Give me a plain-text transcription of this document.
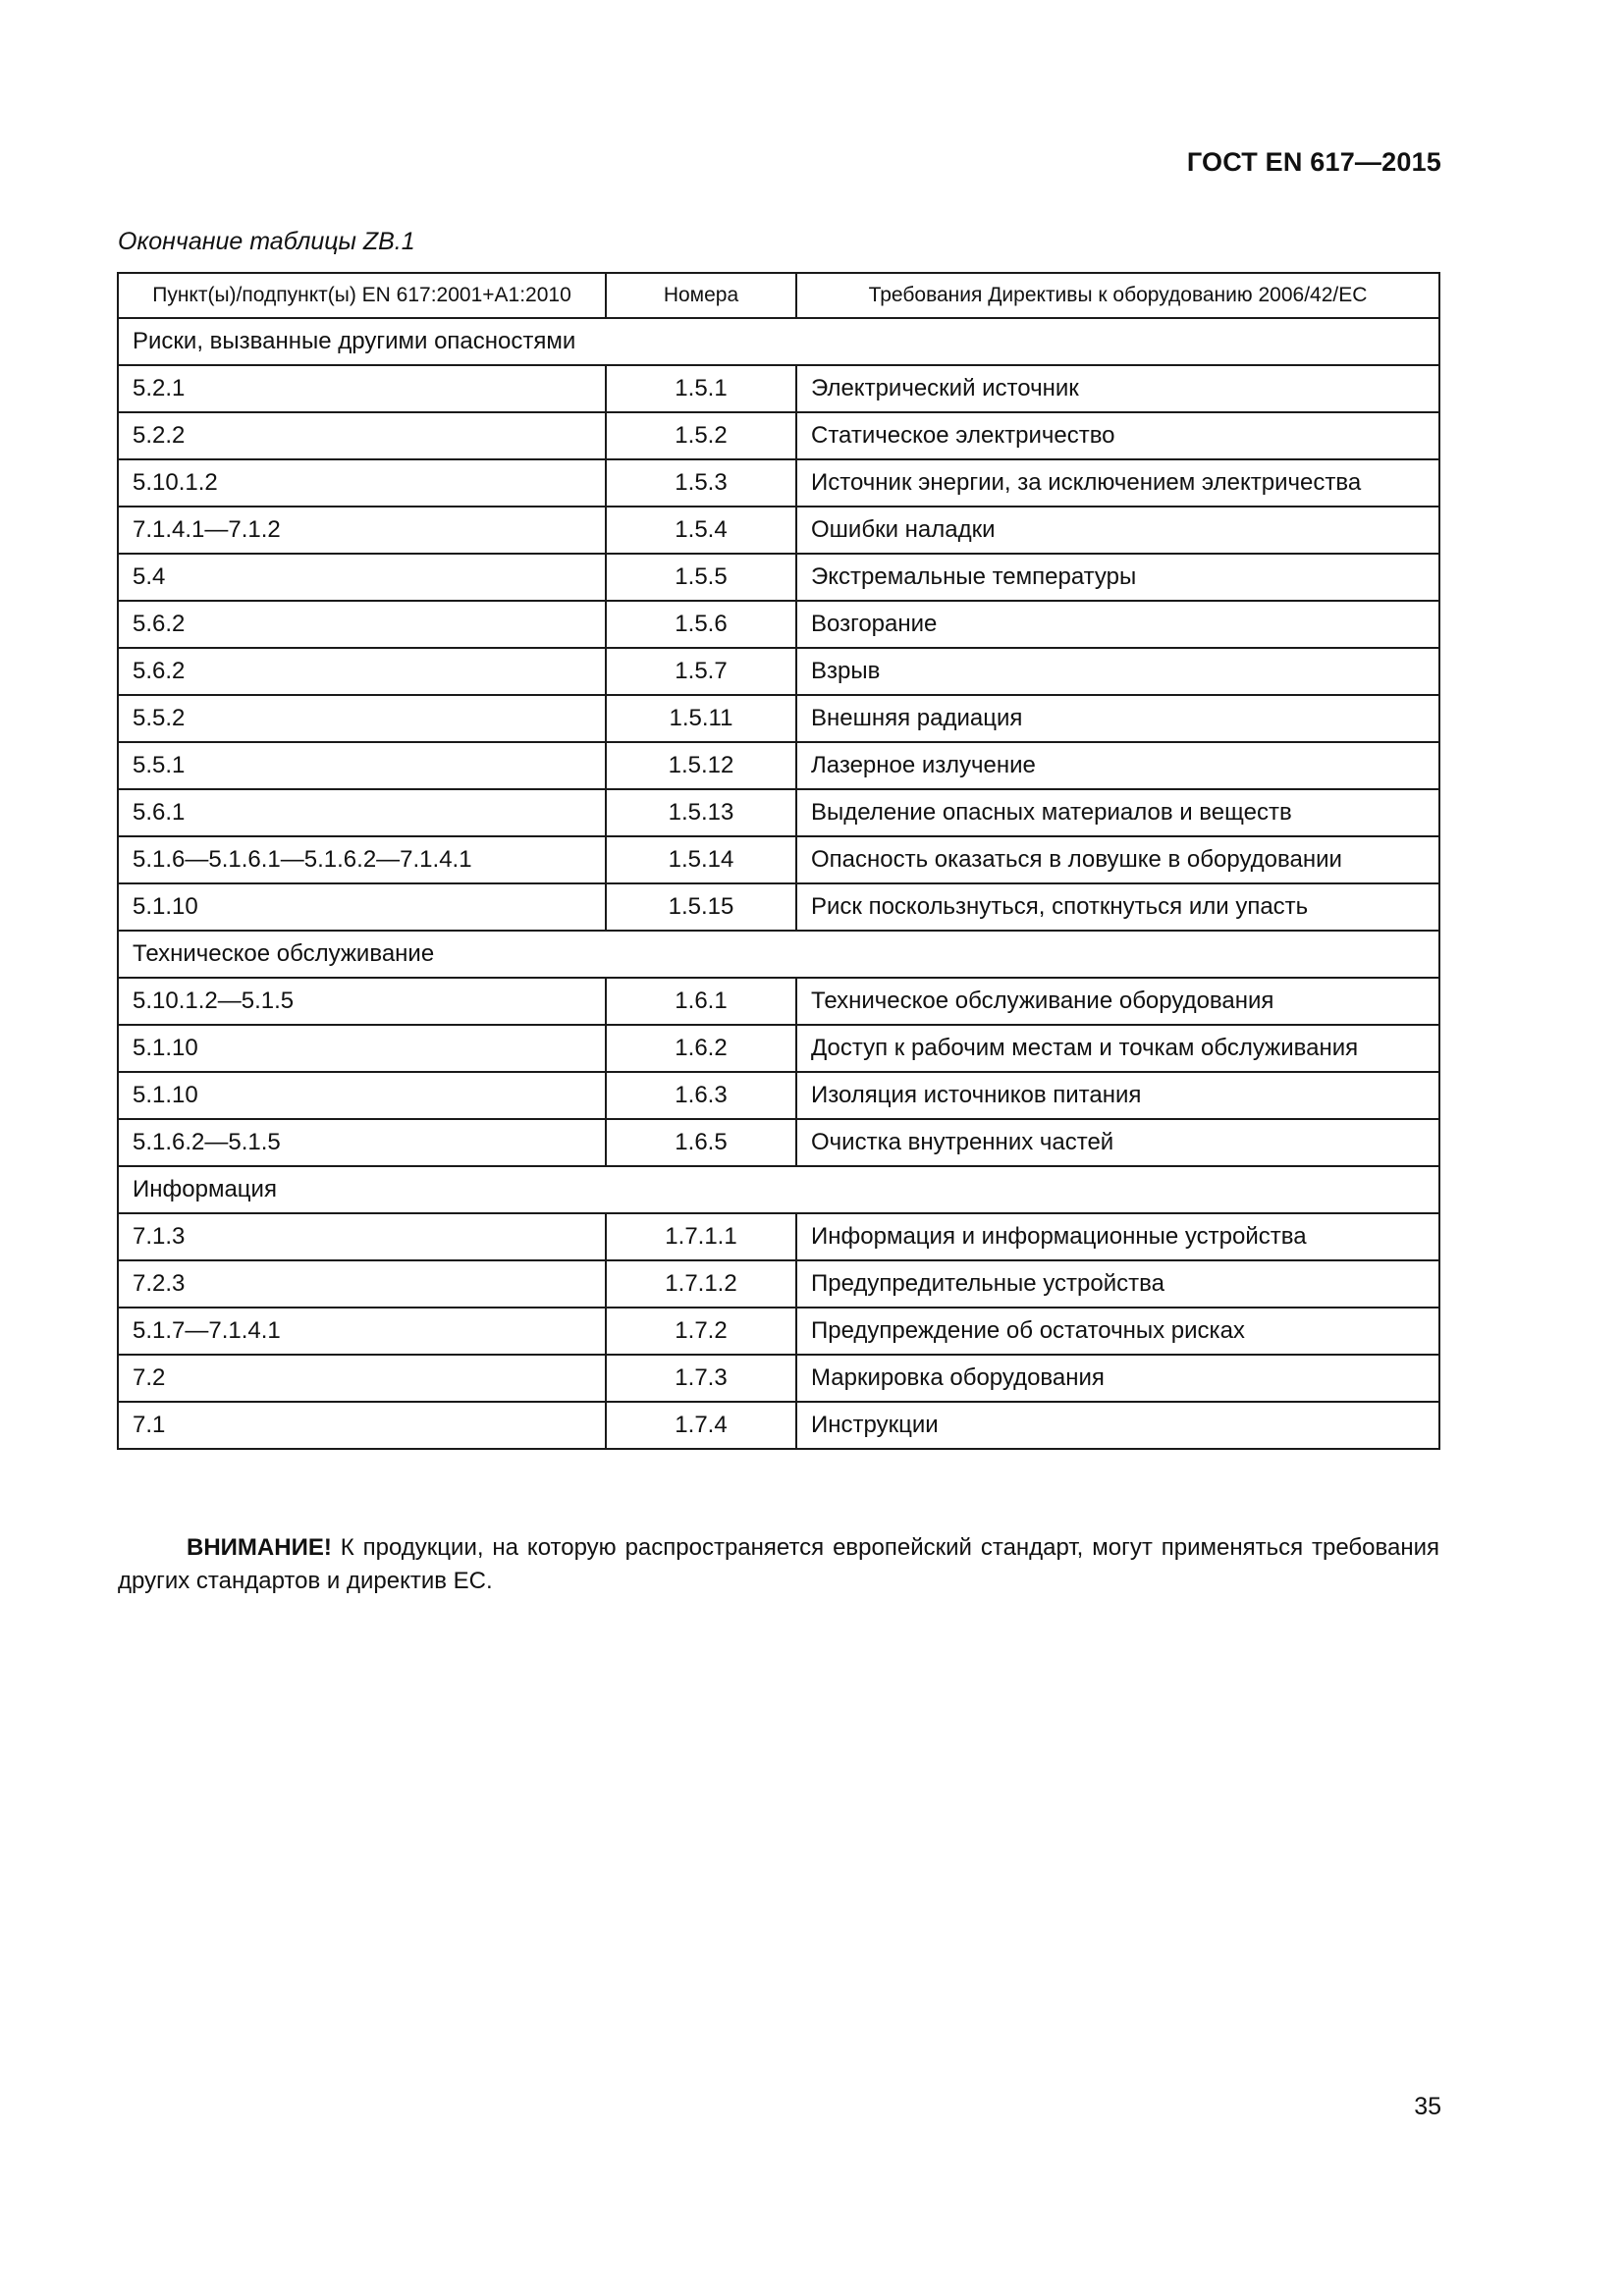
ГОСТ EN 617—2015
Окончание таблицы ZB.1
Пункт(ы)/подпункт(ы) EN 617:2001+A1:2010	Номера	Требования Директивы к оборудованию 2006/42/ЕС
Риски, вызванные другими опасностями		
5.2.1	1.5.1	Электрический источник
5.2.2	1.5.2	Статическое электричество
5.10.1.2	1.5.3	Источник энергии, за исключением электричества
7.1.4.1—7.1.2	1.5.4	Ошибки наладки
5.4	1.5.5	Экстремальные температуры
5.6.2	1.5.6	Возгорание
5.6.2	1.5.7	Взрыв
5.5.2	1.5.11	Внешняя радиация
5.5.1	1.5.12	Лазерное излучение
5.6.1	1.5.13	Выделение опасных материалов и веществ
5.1.6—5.1.6.1—5.1.6.2—7.1.4.1	1.5.14	Опасность оказаться в ловушке в оборудовании
5.1.10	1.5.15	Риск поскользнуться, споткнуться или упасть
Техническое обслуживание		
5.10.1.2—5.1.5	1.6.1	Техническое обслуживание оборудования
5.1.10	1.6.2	Доступ к рабочим местам и точкам обслуживания
5.1.10	1.6.3	Изоляция источников питания
5.1.6.2—5.1.5	1.6.5	Очистка внутренних частей
Информация		
7.1.3	1.7.1.1	Информация и информационные устройства
7.2.3	1.7.1.2	Предупредительные устройства
5.1.7—7.1.4.1	1.7.2	Предупреждение об остаточных рисках
7.2	1.7.3	Маркировка оборудования
7.1	1.7.4	Инструкции
ВНИМАНИЕ! К продукции, на которую распространяется европейский стандарт, могут применяться требования других стандартов и директив ЕС.
35
